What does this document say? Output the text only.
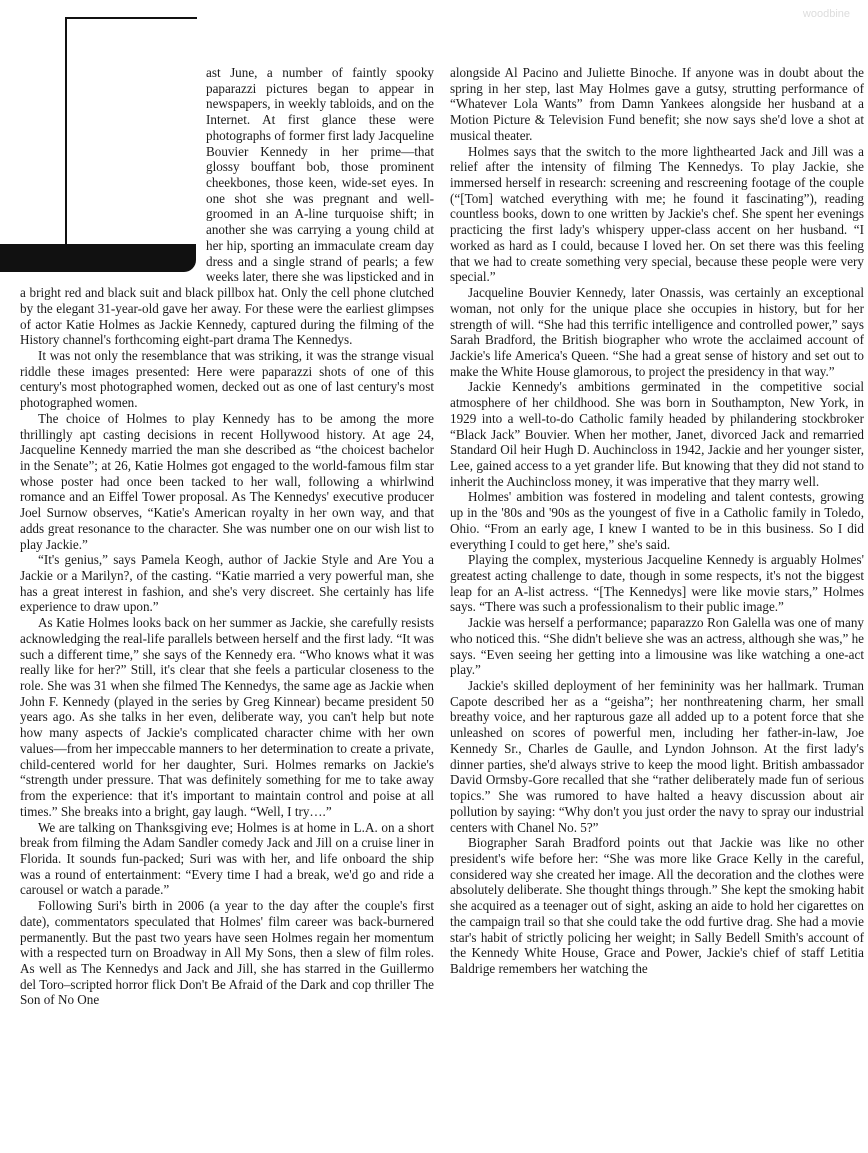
woodbine

ast June, a number of faintly spooky paparazzi pictures began to appear in newspapers, in weekly tabloids, and on the Internet. At first glance these were photographs of former first lady Jacqueline Bouvier Kennedy in her prime—that glossy bouffant bob, those prominent cheekbones, those keen, wide-set eyes. In one shot she was pregnant and well-groomed in an A-line turquoise shift; in another she was carrying a young child at her hip, sporting an immaculate cream day dress and a single strand of pearls; a few weeks later, there she was lipsticked and in a bright red and black suit and black pillbox hat. Only the cell phone clutched by the elegant 31-year-old gave her away. For these were the earliest glimpses of actor Katie Holmes as Jackie Kennedy, captured during the filming of the History channel's forthcoming eight-part drama The Kennedys.

It was not only the resemblance that was striking, it was the strange visual riddle these images presented: Here were paparazzi shots of one of this century's most photographed women, decked out as one of last century's most photographed women.

The choice of Holmes to play Kennedy has to be among the more thrillingly apt casting decisions in recent Hollywood history. At age 24, Jacqueline Kennedy married the man she described as “the choicest bachelor in the Senate”; at 26, Katie Holmes got engaged to the world-famous film star whose poster had once been tacked to her wall, following a whirlwind romance and an Eiffel Tower proposal. As The Kennedys' executive producer Joel Surnow observes, “Katie's American royalty in her own way, and that adds great resonance to the character. She was number one on our wish list to play Jackie.”

“It's genius,” says Pamela Keogh, author of Jackie Style and Are You a Jackie or a Marilyn?, of the casting. “Katie married a very powerful man, she has a great interest in fashion, and she's very discreet. She certainly has life experience to draw upon.”

As Katie Holmes looks back on her summer as Jackie, she carefully resists acknowledging the real-life parallels between herself and the first lady. “It was such a different time,” she says of the Kennedy era. “Who knows what it was really like for her?” Still, it's clear that she feels a particular closeness to the role. She was 31 when she filmed The Kennedys, the same age as Jackie when John F. Kennedy (played in the series by Greg Kinnear) became president 50 years ago. As she talks in her even, deliberate way, you can't help but note how many aspects of Jackie's complicated character chime with her own values—from her impeccable manners to her determination to create a private, child-centered world for her daughter, Suri. Holmes remarks on Jackie's “strength under pressure. That was definitely something for me to take away from the experience: that it's important to maintain control and poise at all times.” She breaks into a bright, gay laugh. “Well, I try….”

We are talking on Thanksgiving eve; Holmes is at home in L.A. on a short break from filming the Adam Sandler comedy Jack and Jill on a cruise liner in Florida. It sounds fun-packed; Suri was with her, and life onboard the ship was a round of entertainment: “Every time I had a break, we'd go and ride a carousel or watch a parade.”

Following Suri's birth in 2006 (a year to the day after the couple's first date), commentators speculated that Holmes' film career was back-burnered permanently. But the past two years have seen Holmes regain her momentum with a respected turn on Broadway in All My Sons, then a slew of film roles. As well as The Kennedys and Jack and Jill, she has starred in the Guillermo del Toro–scripted horror flick Don't Be Afraid of the Dark and cop thriller The Son of No One

alongside Al Pacino and Juliette Binoche. If anyone was in doubt about the spring in her step, last May Holmes gave a gutsy, strutting performance of “Whatever Lola Wants” from Damn Yankees alongside her husband at a Motion Picture & Television Fund benefit; she now says she'd love a shot at musical theater.

Holmes says that the switch to the more lighthearted Jack and Jill was a relief after the intensity of filming The Kennedys. To play Jackie, she immersed herself in research: screening and rescreening footage of the couple (“[Tom] watched everything with me; he found it fascinating”), reading countless books, down to one written by Jackie's chef. She spent her evenings practicing the first lady's whispery upper-class accent on her husband. “I worked as hard as I could, because I loved her. On set there was this feeling that we had to create something very special, because these people were very special.”

Jacqueline Bouvier Kennedy, later Onassis, was certainly an exceptional woman, not only for the unique place she occupies in history, but for her strength of will. “She had this terrific intelligence and controlled power,” says Sarah Bradford, the British biographer who wrote the acclaimed account of Jackie's life America's Queen. “She had a great sense of history and set out to make the White House glamorous, to project the presidency in that way.”

Jackie Kennedy's ambitions germinated in the competitive social atmosphere of her childhood. She was born in Southampton, New York, in 1929 into a well-to-do Catholic family headed by philandering stockbroker “Black Jack” Bouvier. When her mother, Janet, divorced Jack and remarried Standard Oil heir Hugh D. Auchincloss in 1942, Jackie and her younger sister, Lee, gained access to a yet grander life. But knowing that they did not stand to inherit the Auchincloss money, it was imperative that they marry well.

Holmes' ambition was fostered in modeling and talent contests, growing up in the '80s and '90s as the youngest of five in a Catholic family in Toledo, Ohio. “From an early age, I knew I wanted to be in this business. So I did everything I could to get here,” she's said.

Playing the complex, mysterious Jacqueline Kennedy is arguably Holmes' greatest acting challenge to date, though in some respects, it's not the biggest leap for an A-list actress. “[The Kennedys] were like movie stars,” Holmes says. “There was such a professionalism to their public image.”

Jackie was herself a performance; paparazzo Ron Galella was one of many who noticed this. “She didn't believe she was an actress, although she was,” he says. “Even seeing her getting into a limousine was like watching a one-act play.”

Jackie's skilled deployment of her femininity was her hallmark. Truman Capote described her as a “geisha”; her nonthreatening charm, her small breathy voice, and her rapturous gaze all added up to a potent force that she unleashed on scores of powerful men, including her father-in-law, Joe Kennedy Sr., Charles de Gaulle, and Lyndon Johnson. At the first lady's dinner parties, she'd always strive to keep the mood light. British ambassador David Ormsby-Gore recalled that she “rather deliberately made fun of serious topics.” She was rumored to have halted a heavy discussion about air pollution by saying: “Why don't you just order the navy to spray our industrial centers with Chanel No. 5?”

Biographer Sarah Bradford points out that Jackie was like no other president's wife before her: “She was more like Grace Kelly in the careful, considered way she created her image. All the decoration and the clothes were absolutely deliberate. She thought things through.” She kept the smoking habit she acquired as a teenager out of sight, asking an aide to hold her cigarettes on the campaign trail so that she could take the odd furtive drag. She had a movie star's habit of strictly policing her weight; in Sally Bedell Smith's account of the Kennedy White House, Grace and Power, Jackie's chief of staff Letitia Baldrige remembers her watching the
